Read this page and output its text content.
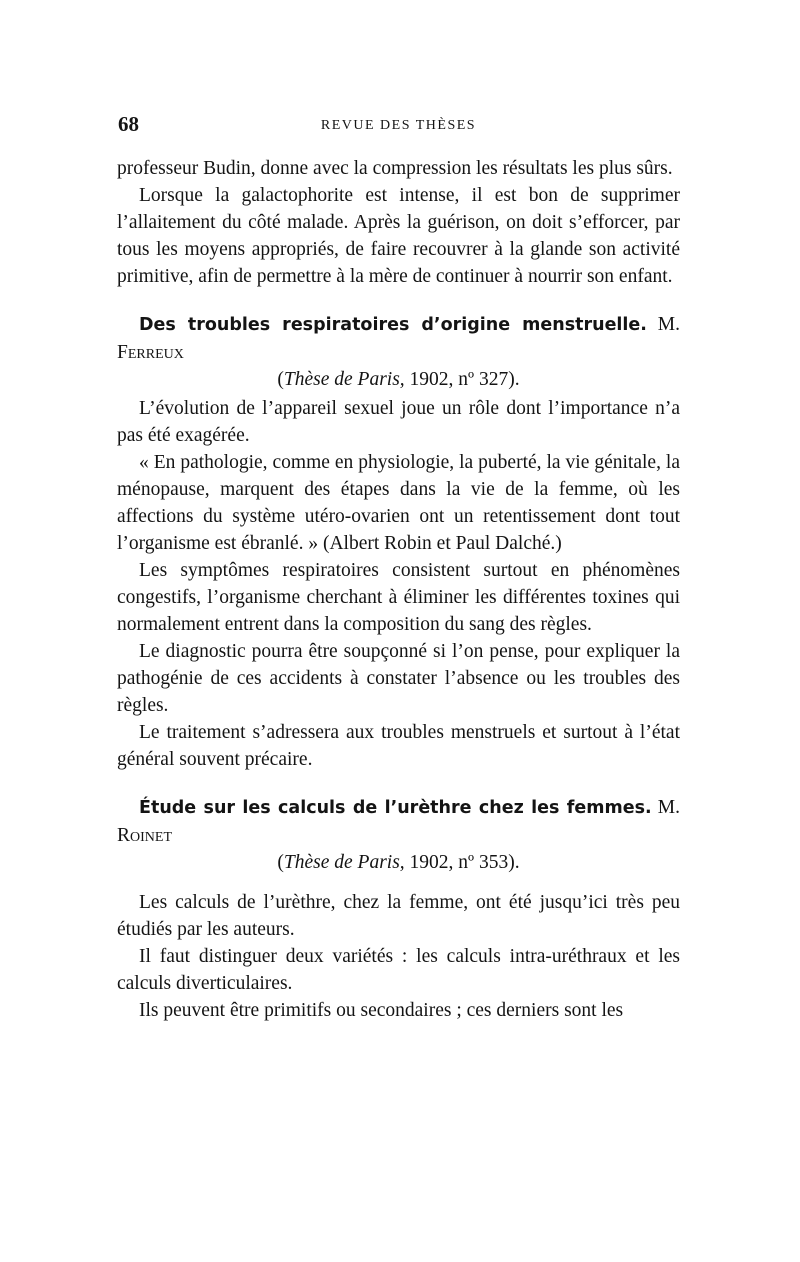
68	REVUE DES THÈSES

professeur Budin, donne avec la compression les résultats les plus sûrs.

Lorsque la galactophorite est intense, il est bon de supprimer l’allaitement du côté malade. Après la guérison, on doit s’efforcer, par tous les moyens appropriés, de faire recouvrer à la glande son activité primitive, afin de permettre à la mère de continuer à nourrir son enfant.

Des troubles respiratoires d’origine menstruelle. M. Ferreux

(Thèse de Paris, 1902, nº 327).

L’évolution de l’appareil sexuel joue un rôle dont l’importance n’a pas été exagérée.

« En pathologie, comme en physiologie, la puberté, la vie génitale, la ménopause, marquent des étapes dans la vie de la femme, où les affections du système utéro-ovarien ont un retentissement dont tout l’organisme est ébranlé. » (Albert Robin et Paul Dalché.)

Les symptômes respiratoires consistent surtout en phénomènes congestifs, l’organisme cherchant à éliminer les différentes toxines qui normalement entrent dans la composition du sang des règles.

Le diagnostic pourra être soupçonné si l’on pense, pour expliquer la pathogénie de ces accidents à constater l’absence ou les troubles des règles.

Le traitement s’adressera aux troubles menstruels et surtout à l’état général souvent précaire.

Étude sur les calculs de l’urèthre chez les femmes. M. Roinet

(Thèse de Paris, 1902, nº 353).

Les calculs de l’urèthre, chez la femme, ont été jusqu’ici très peu étudiés par les auteurs.

Il faut distinguer deux variétés : les calculs intra-uréthraux et les calculs diverticulaires.

Ils peuvent être primitifs ou secondaires ; ces derniers sont les
